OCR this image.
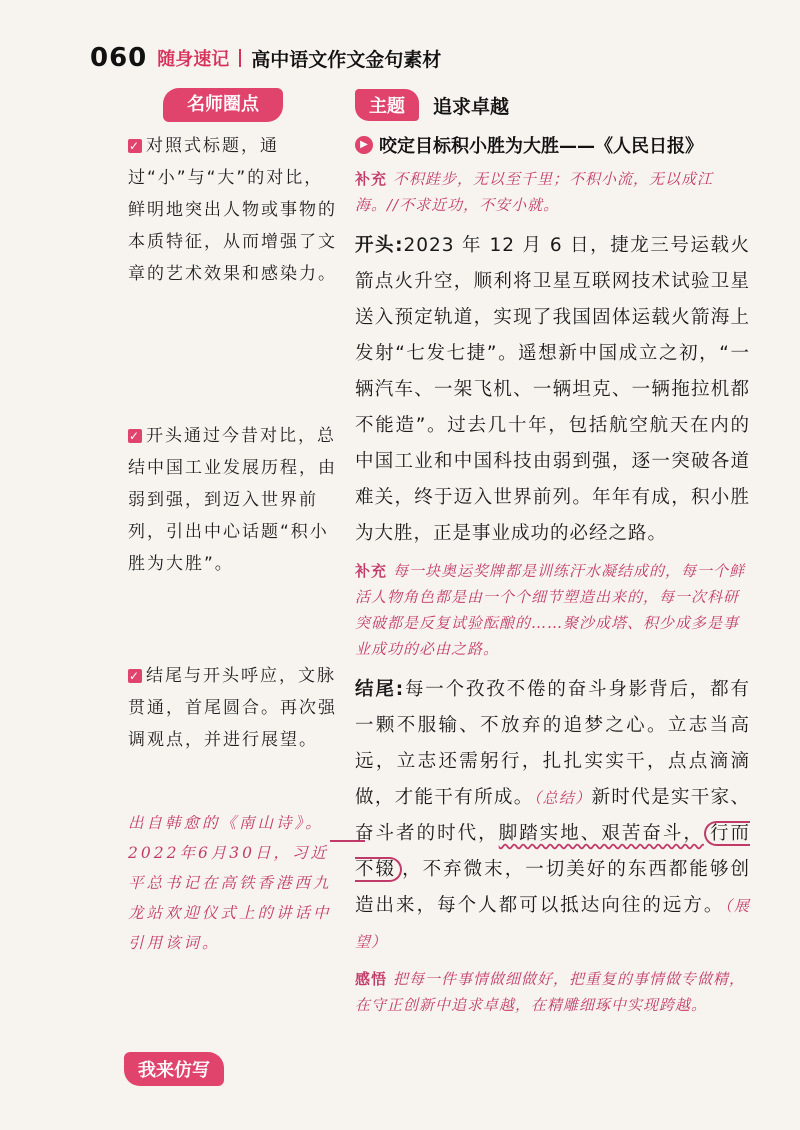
060 随身速记 高中语文作文金句素材
名师圈点
✓ 对照式标题，通过“小”与“大”的对比，鲜明地突出人物或事物的本质特征，从而增强了文章的艺术效果和感染力。
✓ 开头通过今昔对比，总结中国工业发展历程，由弱到强，到迈入世界前列，引出中心话题“积小胜为大胜”。
✓ 结尾与开头呼应，文脉贯通，首尾圆合。再次强调观点，并进行展望。
出自韩愈的《南山诗》。2022年6月30日，习近平总书记在高铁香港西九龙站欢迎仪式上的讲话中引用该词。
主题	追求卓越
▶ 咬定目标积小胜为大胜——《人民日报》
补充 不积跬步，无以至千里；不积小流，无以成江海。//不求近功，不安小就。
开头:2023 年 12 月 6 日，捷龙三号运载火箭点火升空，顺利将卫星互联网技术试验卫星送入预定轨道，实现了我国固体运载火箭海上发射“七发七捷”。遥想新中国成立之初，“一辆汽车、一架飞机、一辆坦克、一辆拖拉机都不能造”。过去几十年，包括航空航天在内的中国工业和中国科技由弱到强，逐一突破各道难关，终于迈入世界前列。年年有成，积小胜为大胜，正是事业成功的必经之路。
补充 每一块奥运奖牌都是训练汗水凝结成的，每一个鲜活人物角色都是由一个个细节塑造出来的，每一次科研突破都是反复试验酝酿的……聚沙成塔、积少成多是事业成功的必由之路。
结尾:每一个孜孜不倦的奋斗身影背后，都有一颗不服输、不放弃的追梦之心。立志当高远，立志还需躬行，扎扎实实干，点点滴滴做，才能干有所成。（总结）新时代是实干家、奋斗者的时代，脚踏实地、艰苦奋斗， 行而不辍 ，不弃微末，一切美好的东西都能够创造出来，每个人都可以抵达向往的远方。（展望）
感悟 把每一件事情做细做好，把重复的事情做专做精，在守正创新中追求卓越，在精雕细琢中实现跨越。
我来仿写
